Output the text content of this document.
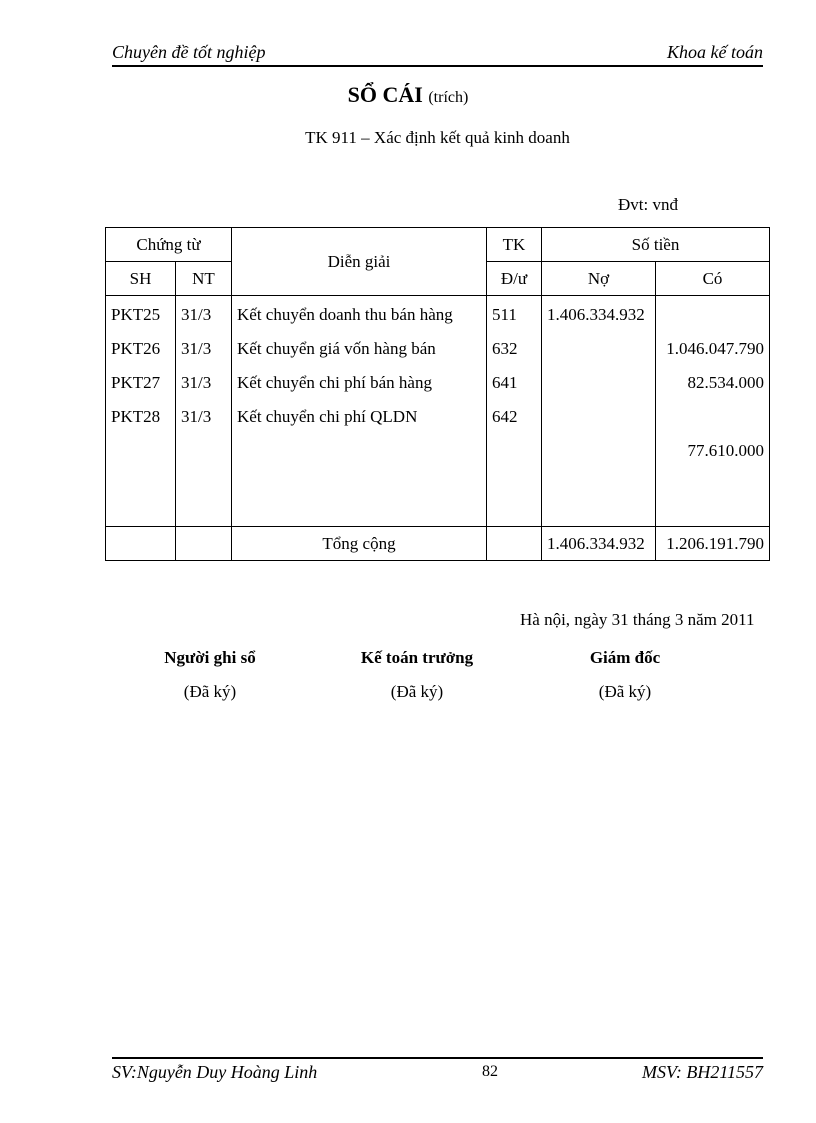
Chuyên đề tốt nghiệp	Khoa kế toán
SỔ CÁI (trích)
TK 911 – Xác định kết quả kinh doanh
Đvt: vnđ
Chứng từ		Diễn giải	TK	Số tiền	
SH	NT		Đ/ư	Nợ	Có
PKT25	31/3	Kết chuyển doanh thu bán hàng	511	1.406.334.932	
PKT26	31/3	Kết chuyển giá vốn hàng bán	632		1.046.047.790
PKT27	31/3	Kết chuyển chi phí bán hàng	641		82.534.000
PKT28	31/3	Kết chuyển chi phí QLDN	642		
					77.610.000

		Tổng cộng		1.406.334.932	1.206.191.790
Hà nội, ngày 31 tháng 3 năm 2011
Người ghi sổ
(Đã ký)
Kế toán trưởng
(Đã ký)
Giám đốc
(Đã ký)
SV:Nguyễn Duy Hoàng Linh	82	MSV: BH211557
